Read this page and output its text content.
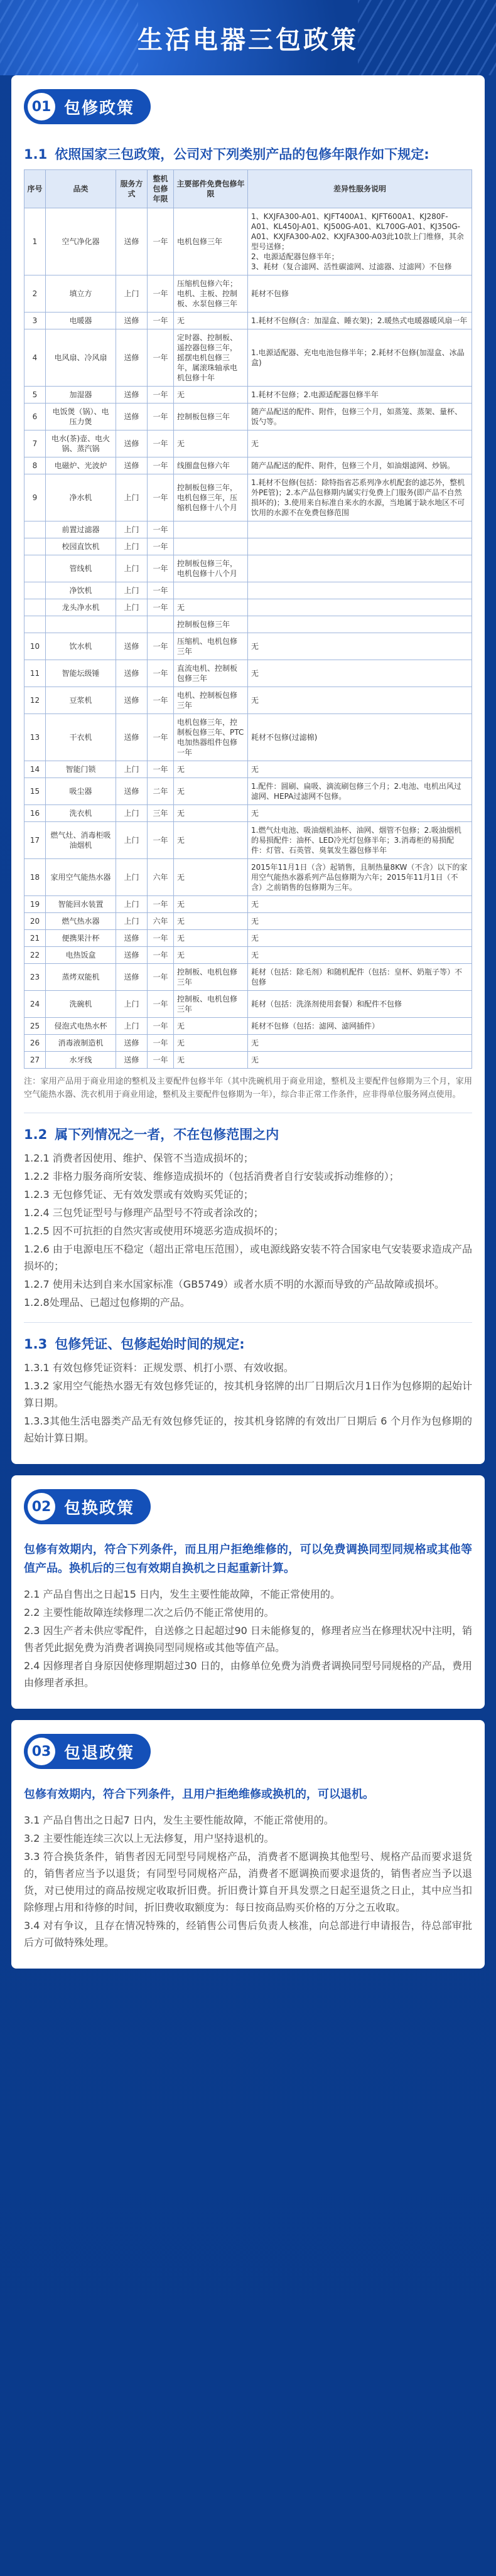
生活电器三包政策
01 包修政策
1.1 依照国家三包政策，公司对下列类别产品的包修年限作如下规定:
序号	品类	服务方式	整机包修年限	主要部件免费包修年限	差异性服务说明
1	空气净化器	送修	一年	电机包修三年	1、KXJFA300-A01、KJFT400A1、KJFT600A1、KJ280F-A01、KL450J-A01、KJ500G-A01、KL700G-A01、KJ350G-A01、KXJFA300-A02、KXJFA300-A03此10款上门维修，其余型号送修；
2、电源适配器包修半年；
3、耗材（复合滤网、活性碳滤网、过滤器、过滤网）不包修
2	填立方	上门	一年	压缩机包修六年；电机、主板、控制板、水泵包修三年	耗材不包修
3	电暖器	送修	一年	无	1.耗材不包修(含：加湿盒、睡衣架)；2.暖热式电暖器暖风扇一年
4	电风扇、冷风扇	送修	一年	定时器、控制板、遥控器包修三年，摇摆电机包修三年，属滚珠轴承电机包修十年	1.电源适配器、充电电池包修半年；2.耗材不包修(加湿盒、冰晶盒)
5	加湿器	送修	一年	无	1.耗材不包修；2.电源适配器包修半年
6	电饭煲（锅）、电压力煲	送修	一年	控制板包修三年	随产品配送的配件、附件，包修三个月，如蒸笼、蒸架、量杯、饭勺等。
7	电水(茶)壶、电火锅、蒸汽锅	送修	一年	无	无
8	电磁炉、光波炉	送修	一年	线圈盘包修六年	随产品配送的配件、附件，包修三个月，如油烟滤网、炒锅。
9	净水机	上门	一年	控制板包修三年，电机包修三年，压缩机包修十八个月	1.耗材不包修(包括：除特指省芯系列净水机配套的滤芯外，整机外PE管)；2.本产品包修期内属实行免费上门服务(即产品不自然损坏的)；3.使用来自标准自来水的水源，当地属于缺水地区不可饮用的水源不在免费包修范围
	前置过滤器	上门	一年		
	校园直饮机	上门	一年		
	管线机	上门	一年	控制板包修三年，电机包修十八个月	
	净饮机	上门	一年		
	龙头净水机	上门	一年	无	
				控制板包修三年	
10	饮水机	送修	一年	压缩机、电机包修三年	无
11	智能坛级锤	送修	一年	直流电机、控制板包修三年	无
12	豆浆机	送修	一年	电机、控制板包修三年	无
13	干衣机	送修	一年	电机包修三年，控制板包修三年、PTC电加热器组件包修一年	耗材不包修(过滤棉)
14	智能门锁	上门	一年	无	无
15	吸尘器	送修	二年	无	1.配件：圆刷、扁吸、滴流刷包修三个月；2.电池、电机出风过滤网、HEPA过滤网不包修。
16	洗衣机	上门	三年	无	无
17	燃气灶、消毒柜吸油烟机	上门	一年	无	1.燃气灶电池、吸油烟机油杯、油网、烟管不包修；2.吸油烟机的易损配件：油杯、LED冷光灯包修半年；3.消毒柜的易损配件：灯管、石英管、臭氧发生器包修半年
18	家用空气能热水器	上门	六年	无	2015年11月1日（含）起销售，且制热量8KW（不含）以下的家用空气能热水器系列产品包修期为六年；2015年11月1日（不含）之前销售的包修期为三年。
19	智能回水装置	上门	一年	无	无
20	燃气热水器	上门	六年	无	无
21	便携果汁杯	送修	一年	无	无
22	电热饭盒	送修	一年	无	无
23	蒸烤双能机	送修	一年	控制板、电机包修三年	耗材（包括：除毛剂）和随机配件（包括：皇杯、奶瓶子等）不包修
24	洗碗机	上门	一年	控制板、电机包修三年	耗材（包括：洗涤剂使用套餐）和配件不包修
25	侵泡式电热水杯	上门	一年	无	耗材不包修（包括：滤网、滤网插件）
26	消毒液制造机	送修	一年	无	无
27	水牙线	送修	一年	无	无

注：家用产品用于商业用途的整机及主要配件包修半年（其中洗碗机用于商业用途，整机及主要配件包修期为三个月，家用空气能热水器、洗衣机用于商业用途，整机及主要配件包修期为一年），综合非正常工作条件，应非得单位服务网点使用。

1.2 属下列情况之一者，不在包修范围之内

1.2.1 消费者因使用、维护、保管不当造成损坏的；

1.2.2 非格力服务商所安装、维修造成损坏的（包括消费者自行安装或拆动维修的）；

1.2.3 无包修凭证、无有效发票或有效购买凭证的；

1.2.4 三包凭证型号与修理产品型号不符或者涂改的；

1.2.5 因不可抗拒的自然灾害或使用环境恶劣造成损坏的；

1.2.6 由于电源电压不稳定（超出正常电压范围），或电源线路安装不符合国家电气安装要求造成产品损坏的；

1.2.7 使用未达到自来水国家标准（GB5749）或者水质不明的水源而导致的产品故障或损坏。

1.2.8处理品、已超过包修期的产品。

1.3 包修凭证、包修起始时间的规定:

1.3.1 有效包修凭证资料：正规发票、机打小票、有效收据。

1.3.2 家用空气能热水器无有效包修凭证的，按其机身铭牌的出厂日期后次月1日作为包修期的起始计算日期。

1.3.3其他生活电器类产品无有效包修凭证的，按其机身铭牌的有效出厂日期后 6 个月作为包修期的起始计算日期。

02 包换政策

包修有效期内，符合下列条件，而且用户拒绝维修的，可以免费调换同型同规格或其他等值产品。换机后的三包有效期自换机之日起重新计算。

2.1 产品自售出之日起15 日内，发生主要性能故障，不能正常使用的。

2.2 主要性能故障连续修理二次之后仍不能正常使用的。

2.3 因生产者未供应零配件，自送修之日起超过90 日未能修复的，修理者应当在修理状况中注明，销售者凭此据免费为消费者调换同型同规格或其他等值产品。

2.4 因修理者自身原因使修理期超过30 日的，由修单位免费为消费者调换同型号同规格的产品，费用由修理者承担。

03 包退政策

包修有效期内，符合下列条件，且用户拒绝维修或换机的，可以退机。

3.1 产品自售出之日起7 日内，发生主要性能故障，不能正常使用的。

3.2 主要性能连续三次以上无法修复，用户坚持退机的。

3.3 符合换货条件，销售者因无同型号同规格产品，消费者不愿调换其他型号、规格产品而要求退货的，销售者应当予以退货；有同型号同规格产品，消费者不愿调换而要求退货的，销售者应当予以退货，对已使用过的商品按规定收取折旧费。折旧费计算自开具发票之日起至退货之日止，其中应当扣除修理占用和待修的时间，折旧费收取额度为：每日按商品购买价格的万分之五收取。

3.4 对有争议，且存在情况特殊的，经销售公司售后负责人核准，向总部进行申请报告，待总部审批后方可做特殊处理。
